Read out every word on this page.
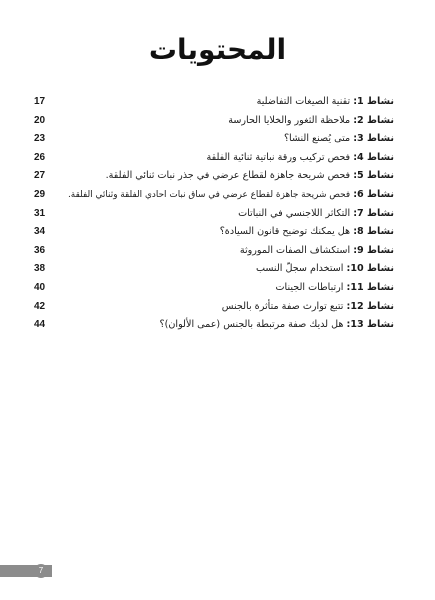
المحتويات
17	نشاط 1: تقنية الصيغات التفاضلية
20	نشاط 2: ملاحظة الثغور والخلايا الحارسة
23	نشاط 3: متى يُصنع النشا؟
26	نشاط 4: فحص تركيب ورقة نباتية ثنائية الفلقة
27	نشاط 5: فحص شريحة جاهزة لقطاع عرضي في جذر نبات ثنائي الفلقة.
29	نشاط 6: فحص شريحة جاهزة لقطاع عرضي في ساق نبات احادي الفلقة وثنائي الفلقة.
31	نشاط 7: التكاثر اللاجنسي في النباتات
34	نشاط 8: هل يمكنك توضيح قانون السيادة؟
36	نشاط 9: استكشاف الصفات الموروثة
38	نشاط 10: استخدام سجلّ النسب
40	نشاط 11: ارتباطات الجينات
42	نشاط 12: تتبع توارث صفة متأثرة بالجنس
44	نشاط 13: هل لديك صفة مرتبطة بالجنس (عمى الألوان)؟
7
